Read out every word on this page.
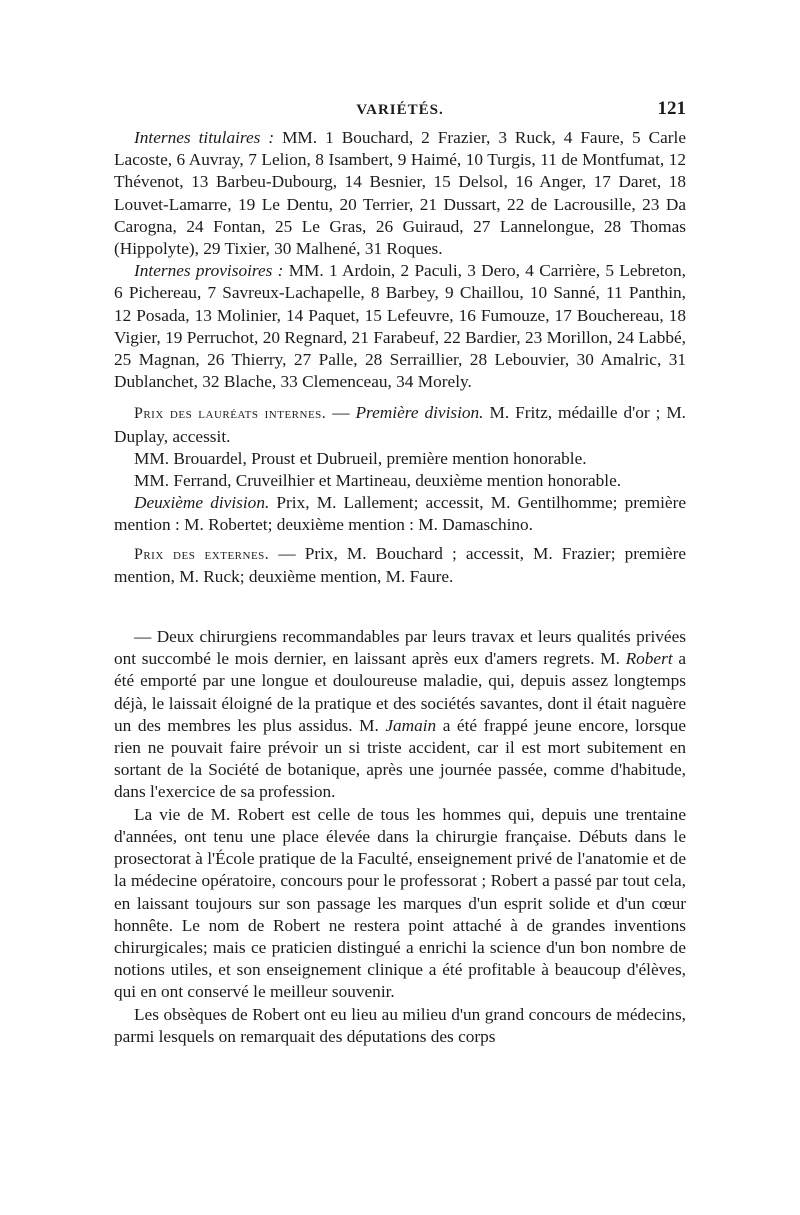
VARIÉTÉS.	121

Internes titulaires : MM. 1 Bouchard, 2 Frazier, 3 Ruck, 4 Faure, 5 Carle Lacoste, 6 Auvray, 7 Lelion, 8 Isambert, 9 Haimé, 10 Turgis, 11 de Montfumat, 12 Thévenot, 13 Barbeu-Dubourg, 14 Besnier, 15 Delsol, 16 Anger, 17 Daret, 18 Louvet-Lamarre, 19 Le Dentu, 20 Terrier, 21 Dussart, 22 de Lacrousille, 23 Da Carogna, 24 Fontan, 25 Le Gras, 26 Guiraud, 27 Lannelongue, 28 Thomas (Hippolyte), 29 Tixier, 30 Malhené, 31 Roques.

Internes provisoires : MM. 1 Ardoin, 2 Paculi, 3 Dero, 4 Carrière, 5 Lebreton, 6 Pichereau, 7 Savreux-Lachapelle, 8 Barbey, 9 Chaillou, 10 Sanné, 11 Panthin, 12 Posada, 13 Molinier, 14 Paquet, 15 Lefeuvre, 16 Fumouze, 17 Bouchereau, 18 Vigier, 19 Perruchot, 20 Regnard, 21 Farabeuf, 22 Bardier, 23 Morillon, 24 Labbé, 25 Magnan, 26 Thierry, 27 Palle, 28 Serraillier, 28 Lebouvier, 30 Amalric, 31 Dublanchet, 32 Blache, 33 Clemenceau, 34 Morely.

Prix des lauréats internes. — Première division. M. Fritz, médaille d'or ; M. Duplay, accessit.

MM. Brouardel, Proust et Dubrueil, première mention honorable.

MM. Ferrand, Cruveilhier et Martineau, deuxième mention honorable.

Deuxième division. Prix, M. Lallement; accessit, M. Gentilhomme; première mention : M. Robertet; deuxième mention : M. Damaschino.

Prix des externes. — Prix, M. Bouchard ; accessit, M. Frazier; première mention, M. Ruck; deuxième mention, M. Faure.

— Deux chirurgiens recommandables par leurs travax et leurs qualités privées ont succombé le mois dernier, en laissant après eux d'amers regrets. M. Robert a été emporté par une longue et douloureuse maladie, qui, depuis assez longtemps déjà, le laissait éloigné de la pratique et des sociétés savantes, dont il était naguère un des membres les plus assidus. M. Jamain a été frappé jeune encore, lorsque rien ne pouvait faire prévoir un si triste accident, car il est mort subitement en sortant de la Société de botanique, après une journée passée, comme d'habitude, dans l'exercice de sa profession.

La vie de M. Robert est celle de tous les hommes qui, depuis une trentaine d'années, ont tenu une place élevée dans la chirurgie française. Débuts dans le prosectorat à l'École pratique de la Faculté, enseignement privé de l'anatomie et de la médecine opératoire, concours pour le professorat ; Robert a passé par tout cela, en laissant toujours sur son passage les marques d'un esprit solide et d'un cœur honnête. Le nom de Robert ne restera point attaché à de grandes inventions chirurgicales; mais ce praticien distingué a enrichi la science d'un bon nombre de notions utiles, et son enseignement clinique a été profitable à beaucoup d'élèves, qui en ont conservé le meilleur souvenir.

Les obsèques de Robert ont eu lieu au milieu d'un grand concours de médecins, parmi lesquels on remarquait des députations des corps
